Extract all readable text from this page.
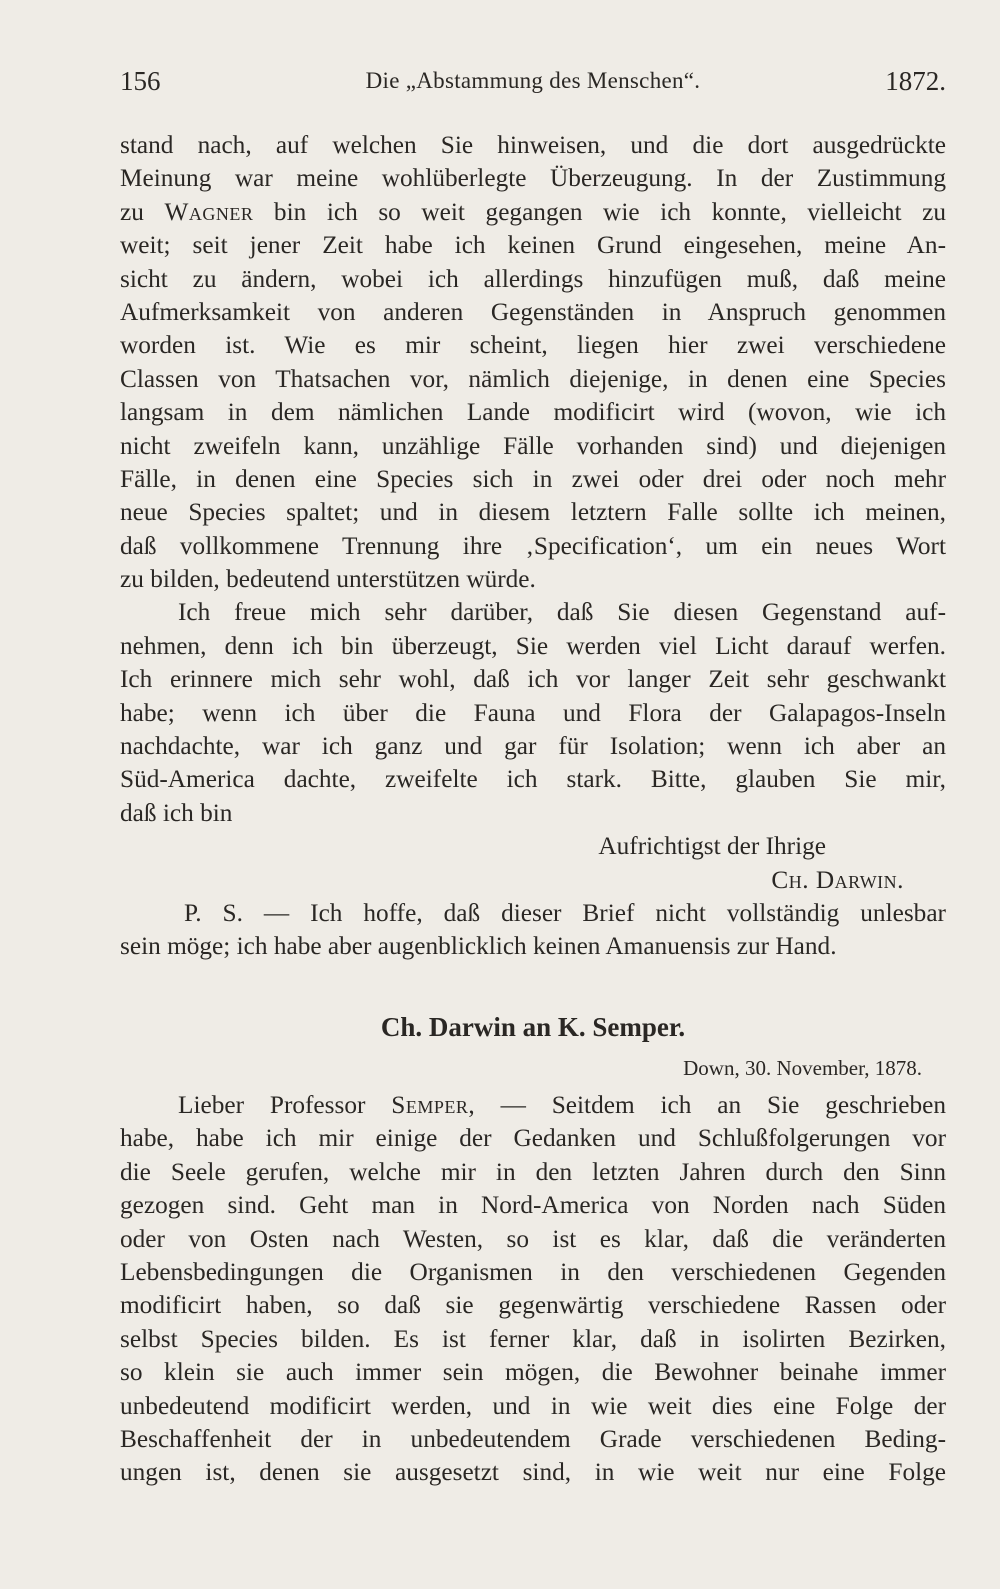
156	Die „Abstammung des Menschen“.	1872.
stand nach, auf welchen Sie hinweisen, und die dort ausgedrückte
Meinung war meine wohlüberlegte Überzeugung. In der Zustimmung
zu Wagner bin ich so weit gegangen wie ich konnte, vielleicht zu
weit; seit jener Zeit habe ich keinen Grund eingesehen, meine An-
sicht zu ändern, wobei ich allerdings hinzufügen muß, daß meine
Aufmerksamkeit von anderen Gegenständen in Anspruch genommen
worden ist. Wie es mir scheint, liegen hier zwei verschiedene
Classen von Thatsachen vor, nämlich diejenige, in denen eine Species
langsam in dem nämlichen Lande modificirt wird (wovon, wie ich
nicht zweifeln kann, unzählige Fälle vorhanden sind) und diejenigen
Fälle, in denen eine Species sich in zwei oder drei oder noch mehr
neue Species spaltet; und in diesem letztern Falle sollte ich meinen,
daß vollkommene Trennung ihre ‚Specification‘, um ein neues Wort
zu bilden, bedeutend unterstützen würde.
Ich freue mich sehr darüber, daß Sie diesen Gegenstand auf-
nehmen, denn ich bin überzeugt, Sie werden viel Licht darauf werfen.
Ich erinnere mich sehr wohl, daß ich vor langer Zeit sehr geschwankt
habe; wenn ich über die Fauna und Flora der Galapagos-Inseln
nachdachte, war ich ganz und gar für Isolation; wenn ich aber an
Süd-America dachte, zweifelte ich stark. Bitte, glauben Sie mir,
daß ich bin
Aufrichtigst der Ihrige
Ch. Darwin.
P. S. — Ich hoffe, daß dieser Brief nicht vollständig unlesbar
sein möge; ich habe aber augenblicklich keinen Amanuensis zur Hand.
Ch. Darwin an K. Semper.
Down, 30. November, 1878.
Lieber Professor Semper, — Seitdem ich an Sie geschrieben
habe, habe ich mir einige der Gedanken und Schlußfolgerungen vor
die Seele gerufen, welche mir in den letzten Jahren durch den Sinn
gezogen sind. Geht man in Nord-America von Norden nach Süden
oder von Osten nach Westen, so ist es klar, daß die veränderten
Lebensbedingungen die Organismen in den verschiedenen Gegenden
modificirt haben, so daß sie gegenwärtig verschiedene Rassen oder
selbst Species bilden. Es ist ferner klar, daß in isolirten Bezirken,
so klein sie auch immer sein mögen, die Bewohner beinahe immer
unbedeutend modificirt werden, und in wie weit dies eine Folge der
Beschaffenheit der in unbedeutendem Grade verschiedenen Beding-
ungen ist, denen sie ausgesetzt sind, in wie weit nur eine Folge
